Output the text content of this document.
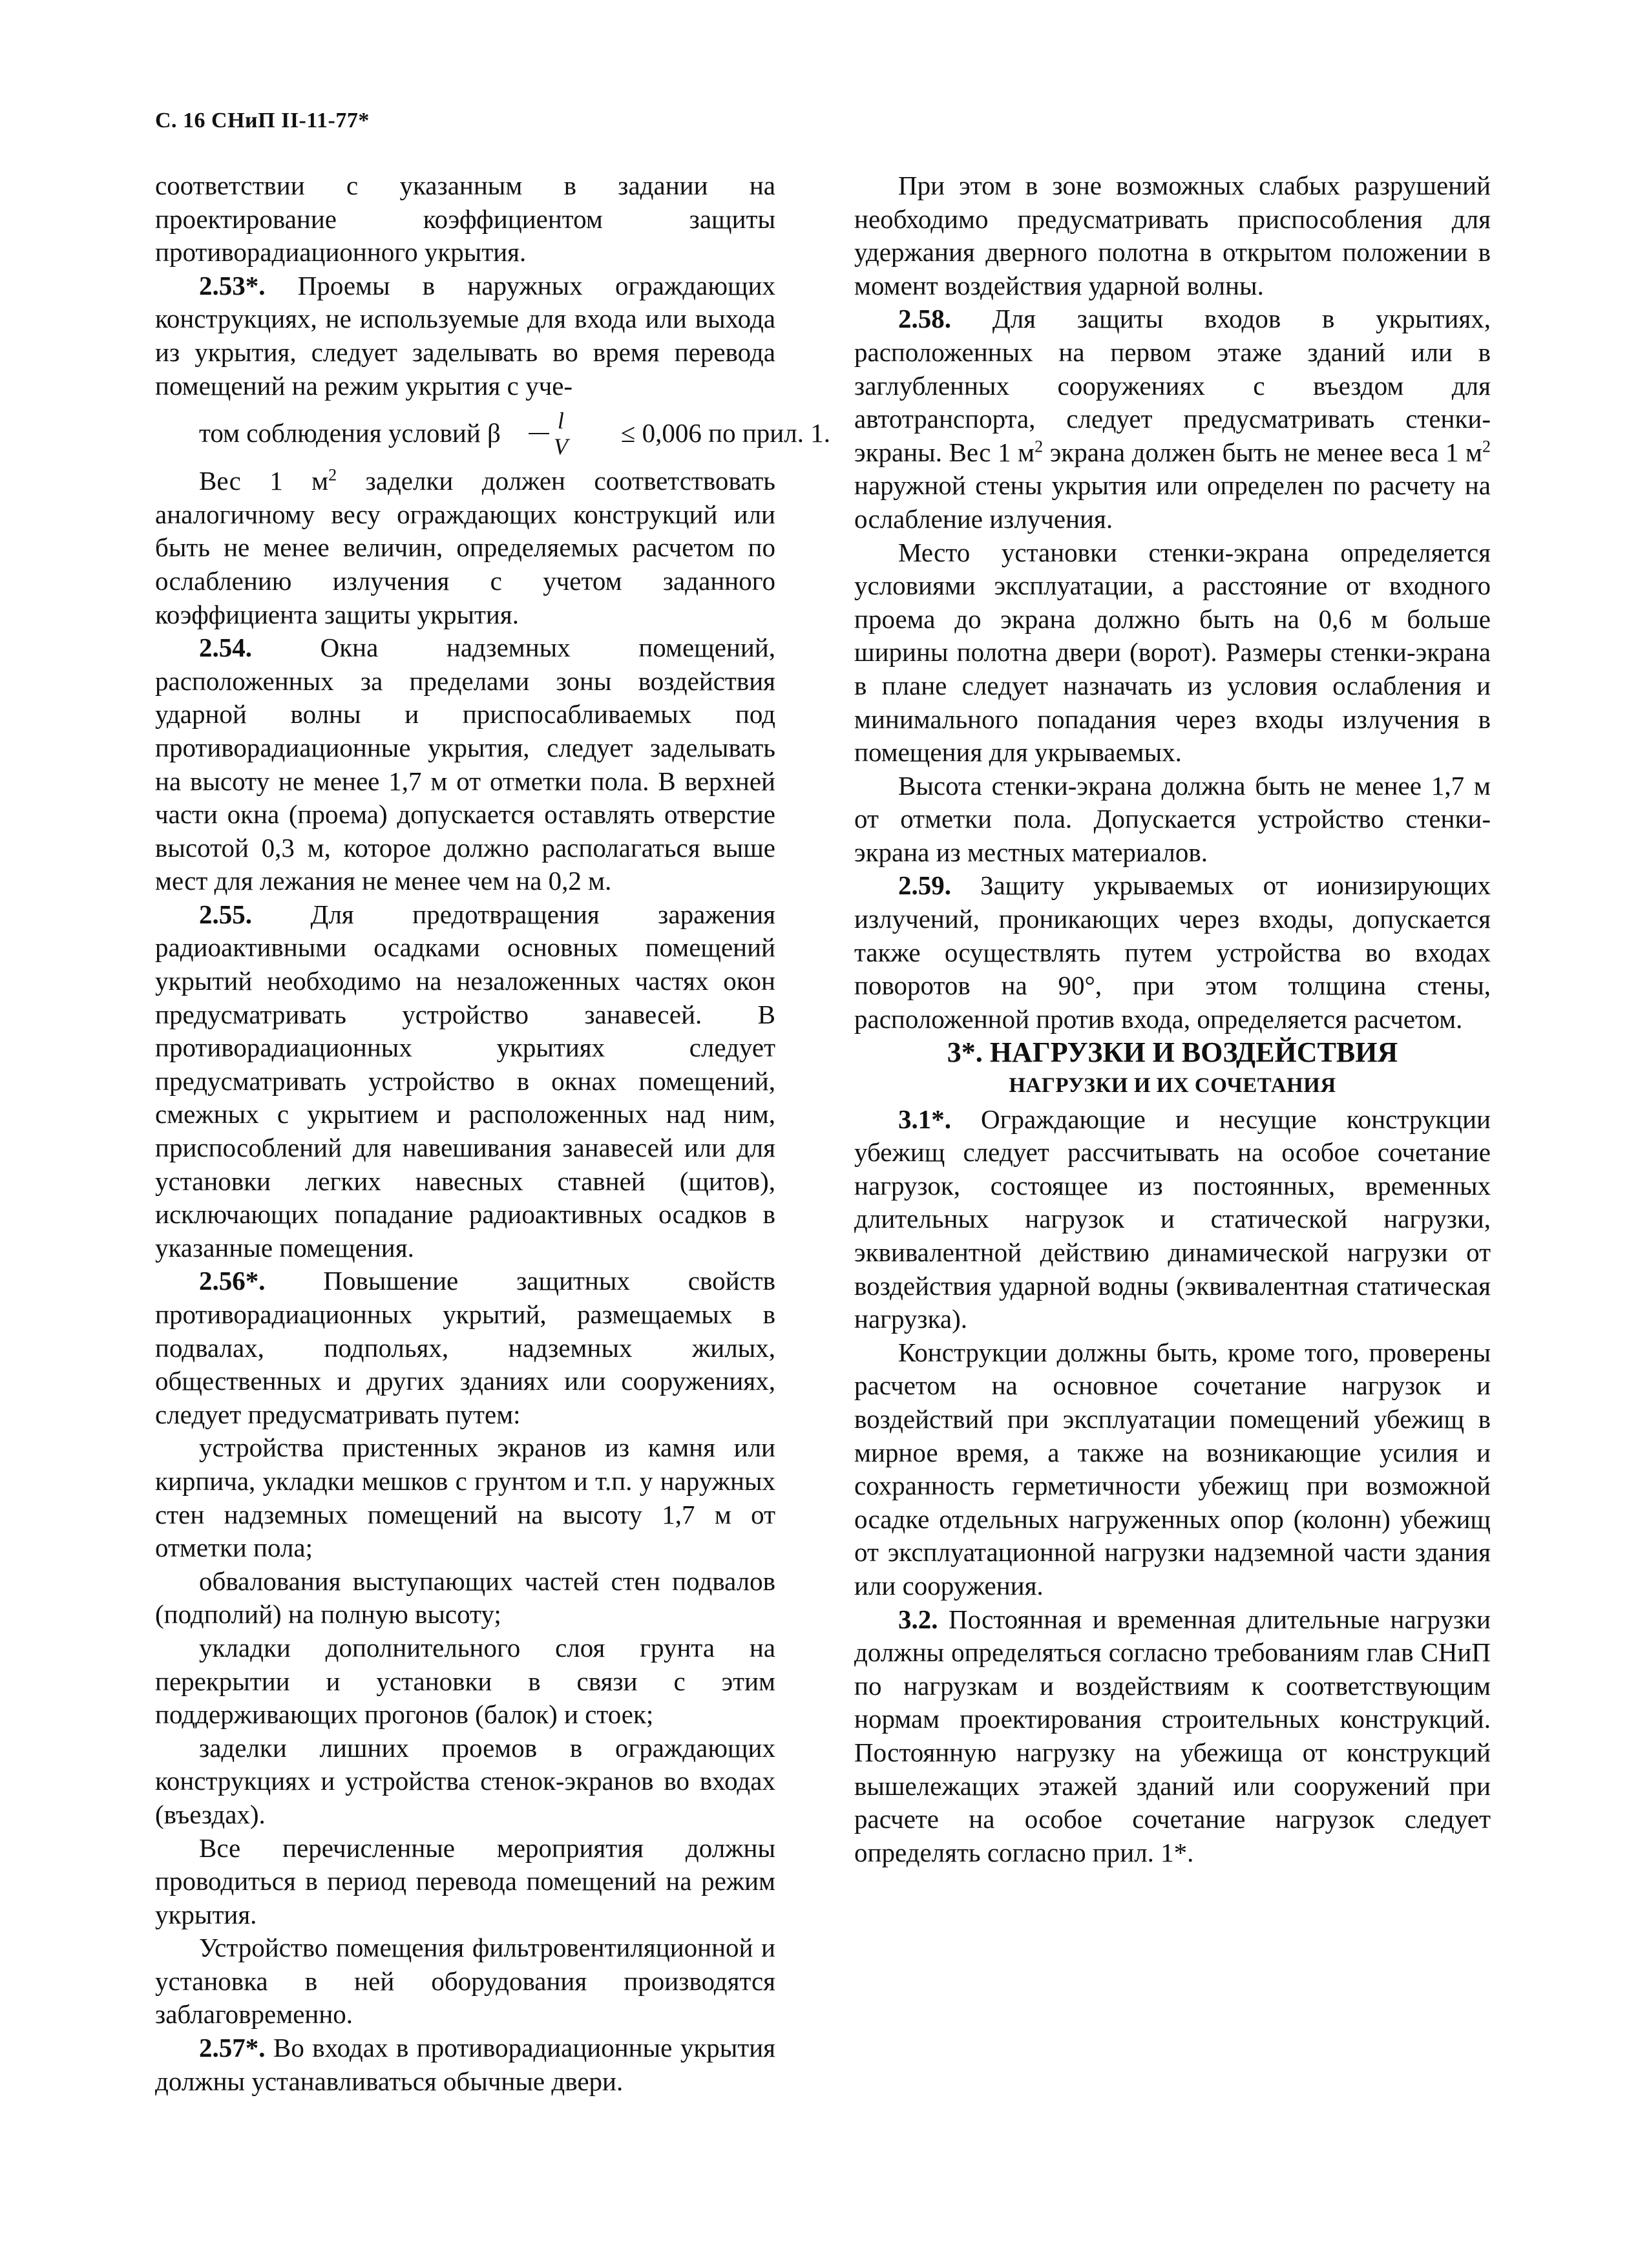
С. 16 СНиП II-11-77*

соответствии с указанным в задании на проектирование коэффициентом защиты противорадиационного укрытия.

2.53*. Проемы в наружных ограждающих конструкциях, не используемые для входа или выхода из укрытия, следует заделывать во время перевода помещений на режим укрытия с уче-

том соблюдения условий β $\frac{l}{V}$	≤ 0,006 по прил. 1.

Вес 1 $м^2$ заделки должен соответствовать аналогичному весу ограждающих конструкций или быть не менее величин, определяемых расчетом по ослаблению излучения с учетом заданного коэффициента защиты укрытия.

2.54. Окна надземных помещений, расположенных за пределами зоны воздействия ударной волны и приспосабливаемых под противорадиационные укрытия, следует заделывать на высоту не менее 1,7 м от отметки пола. В верхней части окна (проема) допускается оставлять отверстие высотой 0,3 м, которое должно располагаться выше мест для лежания не менее чем на 0,2 м.

2.55. Для предотвращения заражения радиоактивными осадками основных помещений укрытий необходимо на незаложенных частях окон предусматривать устройство занавесей. В противорадиационных укрытиях следует предусматривать устройство в окнах помещений, смежных с укрытием и расположенных над ним, приспособлений для навешивания занавесей или для установки легких навесных ставней (щитов), исключающих попадание радиоактивных осадков в указанные помещения.

2.56*. Повышение защитных свойств противорадиационных укрытий, размещаемых в подвалах, подпольях, надземных жилых, общественных и других зданиях или сооружениях, следует предусматривать путем:

устройства пристенных экранов из камня или кирпича, укладки мешков с грунтом и т.п. у наружных стен надземных помещений на высоту 1,7 м от отметки пола;

обвалования выступающих частей стен подвалов (подполий) на полную высоту;

укладки дополнительного слоя грунта на перекрытии и установки в связи с этим поддерживающих прогонов (балок) и стоек;

заделки лишних проемов в ограждающих конструкциях и устройства стенок-экранов во входах (въездах).

Все перечисленные мероприятия должны проводиться в период перевода помещений на режим укрытия.

Устройство помещения фильтровентиляционной и установка в ней оборудования производятся заблаговременно.

2.57*. Во входах в противорадиационные укрытия должны устанавливаться обычные двери.

При этом в зоне возможных слабых разрушений необходимо предусматривать приспособления для удержания дверного полотна в открытом положении в момент воздействия ударной волны.

2.58. Для защиты входов в укрытиях, расположенных на первом этаже зданий или в заглубленных сооружениях с въездом для автотранспорта, следует предусматривать стенки-экраны. Вес 1 $м^2$ экрана должен быть не менее веса 1 $м^2$ наружной стены укрытия или определен по расчету на ослабление излучения.

Место установки стенки-экрана определяется условиями эксплуатации, а расстояние от входного проема до экрана должно быть на 0,6 м больше ширины полотна двери (ворот). Размеры стенки-экрана в плане следует назначать из условия ослабления и минимального попадания через входы излучения в помещения для укрываемых.

Высота стенки-экрана должна быть не менее 1,7 м от отметки пола. Допускается устройство стенки-экрана из местных материалов.

2.59. Защиту укрываемых от ионизирующих излучений, проникающих через входы, допускается также осуществлять путем устройства во входах поворотов на 90°, при этом толщина стены, расположенной против входа, определяется расчетом.

3*. НАГРУЗКИ И ВОЗДЕЙСТВИЯ

НАГРУЗКИ И ИХ СОЧЕТАНИЯ

3.1*. Ограждающие и несущие конструкции убежищ следует рассчитывать на особое сочетание нагрузок, состоящее из постоянных, временных длительных нагрузок и статической нагрузки, эквивалентной действию динамической нагрузки от воздействия ударной водны (эквивалентная статическая нагрузка).

Конструкции должны быть, кроме того, проверены расчетом на основное сочетание нагрузок и воздействий при эксплуатации помещений убежищ в мирное время, а также на возникающие усилия и сохранность герметичности убежищ при возможной осадке отдельных нагруженных опор (колонн) убежищ от эксплуатационной нагрузки надземной части здания или сооружения.

3.2. Постоянная и временная длительные нагрузки должны определяться согласно требованиям глав СНиП по нагрузкам и воздействиям к соответствующим нормам проектирования строительных конструкций. Постоянную нагрузку на убежища от конструкций вышележащих этажей зданий или сооружений при расчете на особое сочетание нагрузок следует определять согласно прил. 1*.
